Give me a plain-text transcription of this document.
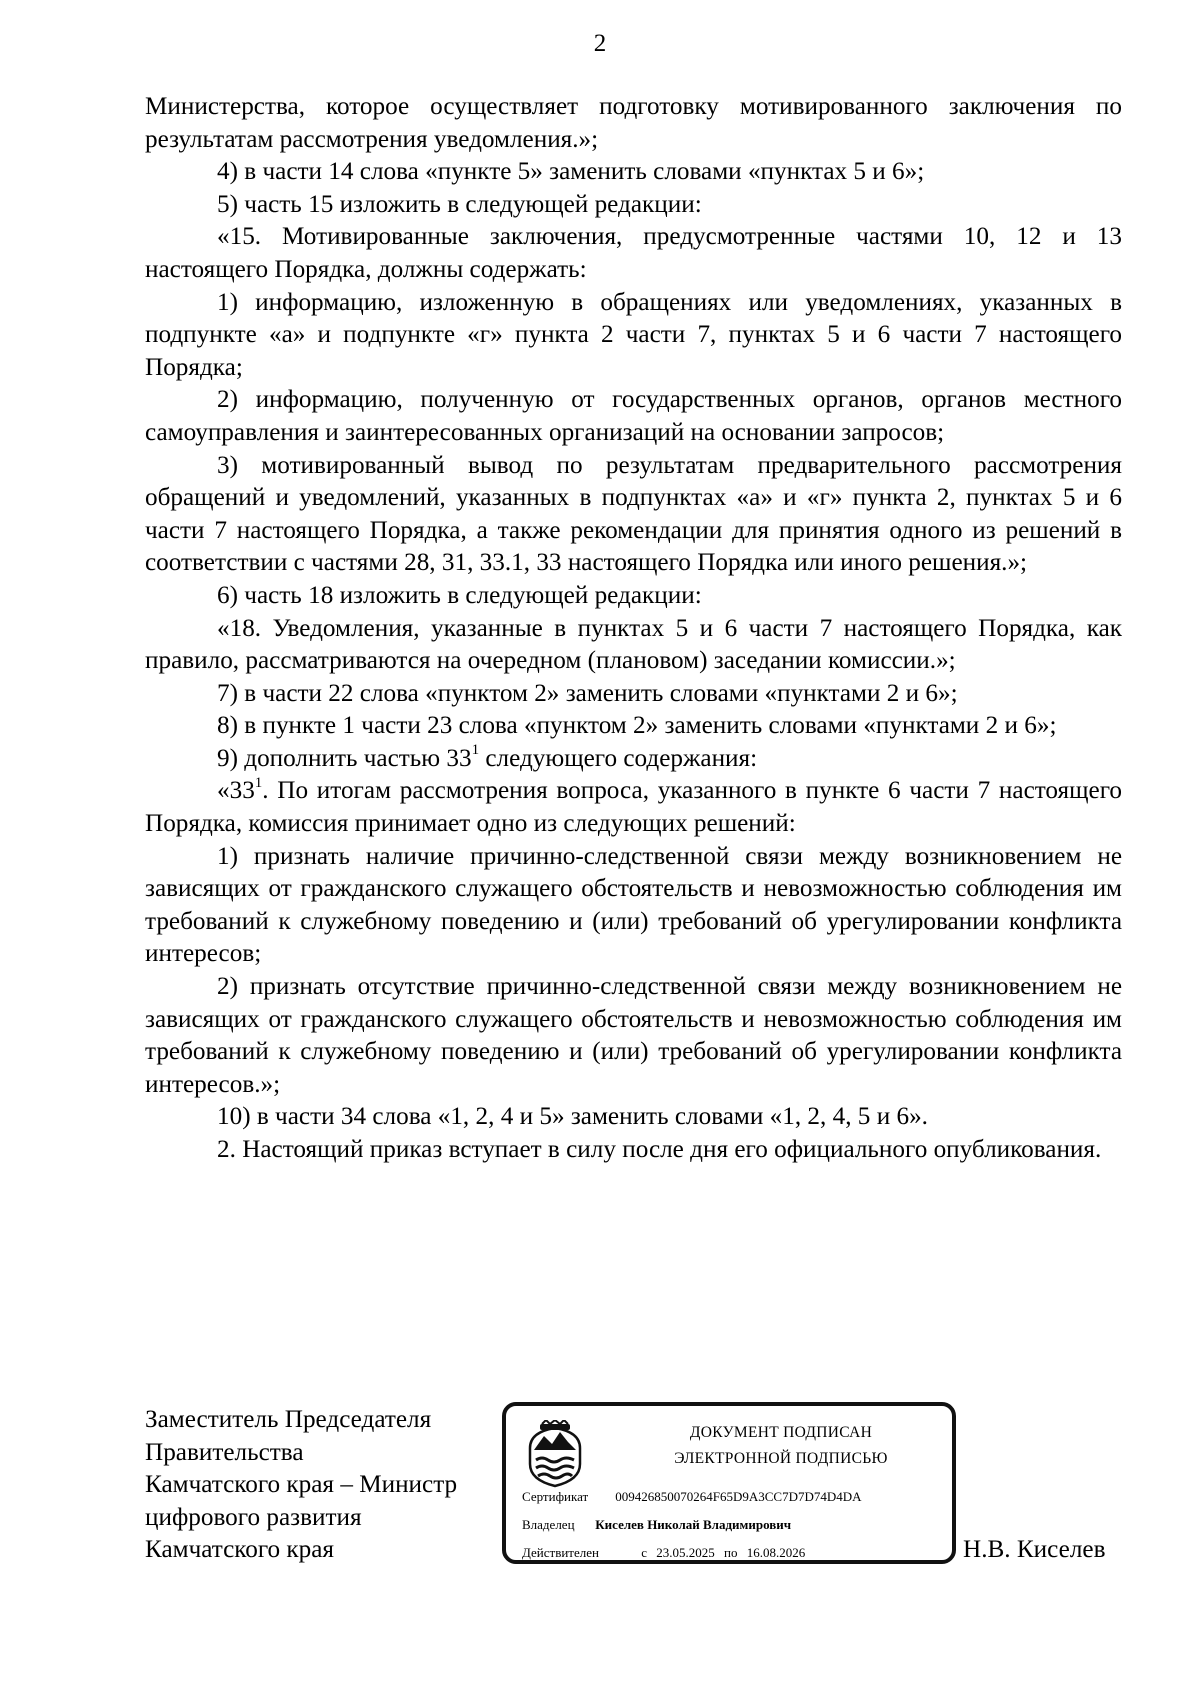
2

Министерства, которое осуществляет подготовку мотивированного заключения по результатам рассмотрения уведомления.»;

4) в части 14 слова «пункте 5» заменить словами «пунктах 5 и 6»;

5) часть 15 изложить в следующей редакции:

«15. Мотивированные заключения, предусмотренные частями 10, 12 и 13 настоящего Порядка, должны содержать:

1) информацию, изложенную в обращениях или уведомлениях, указанных в подпункте «а» и подпункте «г» пункта 2 части 7, пунктах 5 и 6 части 7 настоящего Порядка;

2) информацию, полученную от государственных органов, органов местного самоуправления и заинтересованных организаций на основании запросов;

3) мотивированный вывод по результатам предварительного рассмотрения обращений и уведомлений, указанных в подпунктах «а» и «г» пункта 2, пунктах 5 и 6 части 7 настоящего Порядка, а также рекомендации для принятия одного из решений в соответствии с частями 28, 31, 33.1, 33 настоящего Порядка или иного решения.»;

6) часть 18 изложить в следующей редакции:

«18. Уведомления, указанные в пунктах 5 и 6 части 7 настоящего Порядка, как правило, рассматриваются на очередном (плановом) заседании комиссии.»;

7) в части 22 слова «пунктом 2» заменить словами «пунктами 2 и 6»;

8) в пункте 1 части 23 слова «пунктом 2» заменить словами «пунктами 2 и 6»;

9) дополнить частью $33^1$ следующего содержания:

«$33^1$. По итогам рассмотрения вопроса, указанного в пункте 6 части 7 настоящего Порядка, комиссия принимает одно из следующих решений:

1) признать наличие причинно-следственной связи между возникновением не зависящих от гражданского служащего обстоятельств и невозможностью соблюдения им требований к служебному поведению и (или) требований об урегулировании конфликта интересов;

2) признать отсутствие причинно-следственной связи между возникновением не зависящих от гражданского служащего обстоятельств и невозможностью соблюдения им требований к служебному поведению и (или) требований об урегулировании конфликта интересов.»;

10) в части 34 слова «1, 2, 4 и 5» заменить словами «1, 2, 4, 5 и 6».

2. Настоящий приказ вступает в силу после дня его официального опубликования.

Заместитель Председателя
Правительства
Камчатского края – Министр
цифрового развития
Камчатского края
ДОКУМЕНТ ПОДПИСАН
ЭЛЕКТРОННОЙ ПОДПИСЬЮ
Сертификат 009426850070264F65D9A3CC7D7D74D4DA
Владелец Киселев Николай Владимирович
Действителен	с 23.05.2025 по 16.08.2026	Н.В. Киселев
